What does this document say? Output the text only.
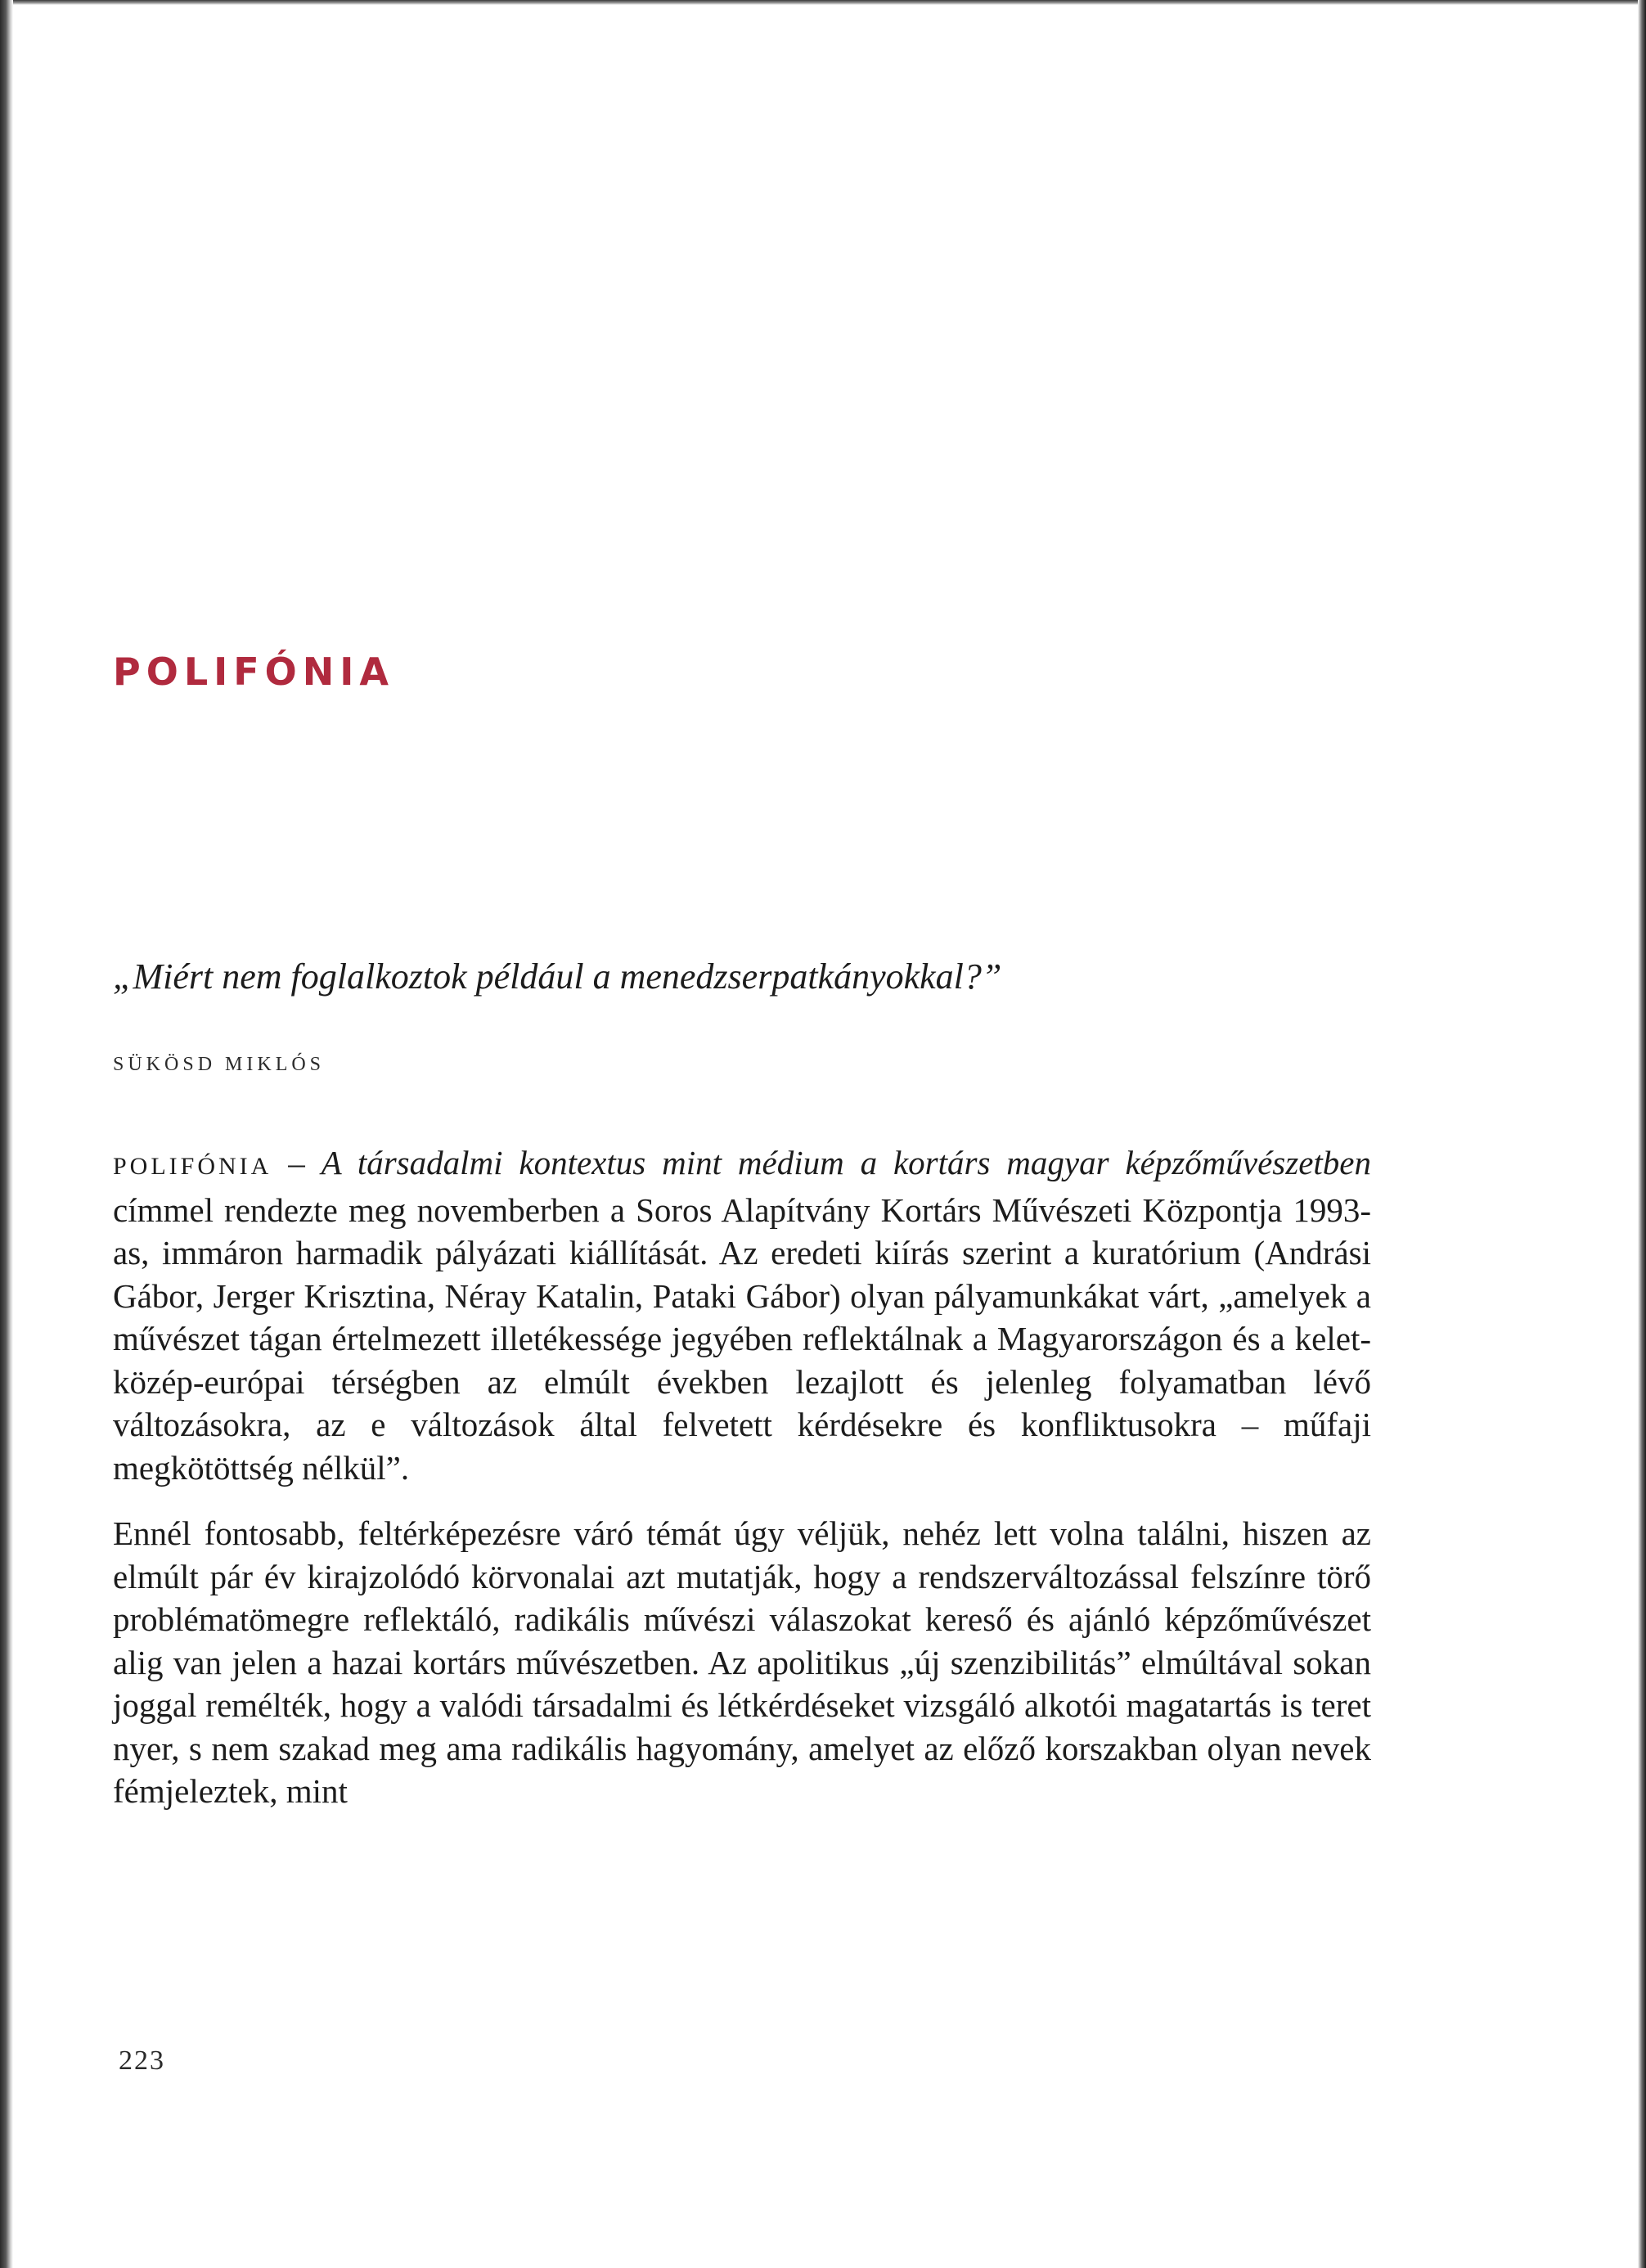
POLIFÓNIA

„Miért nem foglalkoztok például a menedzserpatkányokkal?”

SÜKÖSD MIKLÓS

POLIFÓNIA – A társadalmi kontextus mint médium a kortárs magyar képzőművészetben címmel rendezte meg novemberben a Soros Alapítvány Kortárs Művészeti Központja 1993-as, immáron harmadik pályázati kiállítását. Az eredeti kiírás szerint a kuratórium (Andrási Gábor, Jerger Krisztina, Néray Katalin, Pataki Gábor) olyan pályamunkákat várt, „amelyek a művészet tágan értelmezett illetékessége jegyében reflektálnak a Magyarországon és a kelet-közép-európai térségben az elmúlt években lezajlott és jelenleg folyamatban lévő változásokra, az e változások által felvetett kérdésekre és konfliktusokra – műfaji megkötöttség nélkül”.

Ennél fontosabb, feltérképezésre váró témát úgy véljük, nehéz lett volna találni, hiszen az elmúlt pár év kirajzolódó körvonalai azt mutatják, hogy a rendszerváltozással felszínre törő problématömegre reflektáló, radikális művészi válaszokat kereső és ajánló képzőművészet alig van jelen a hazai kortárs művészetben. Az apolitikus „új szenzibilitás” elmúltával sokan joggal remélték, hogy a valódi társadalmi és létkérdéseket vizsgáló alkotói magatartás is teret nyer, s nem szakad meg ama radikális hagyomány, amelyet az előző korszakban olyan nevek fémjeleztek, mint

223
